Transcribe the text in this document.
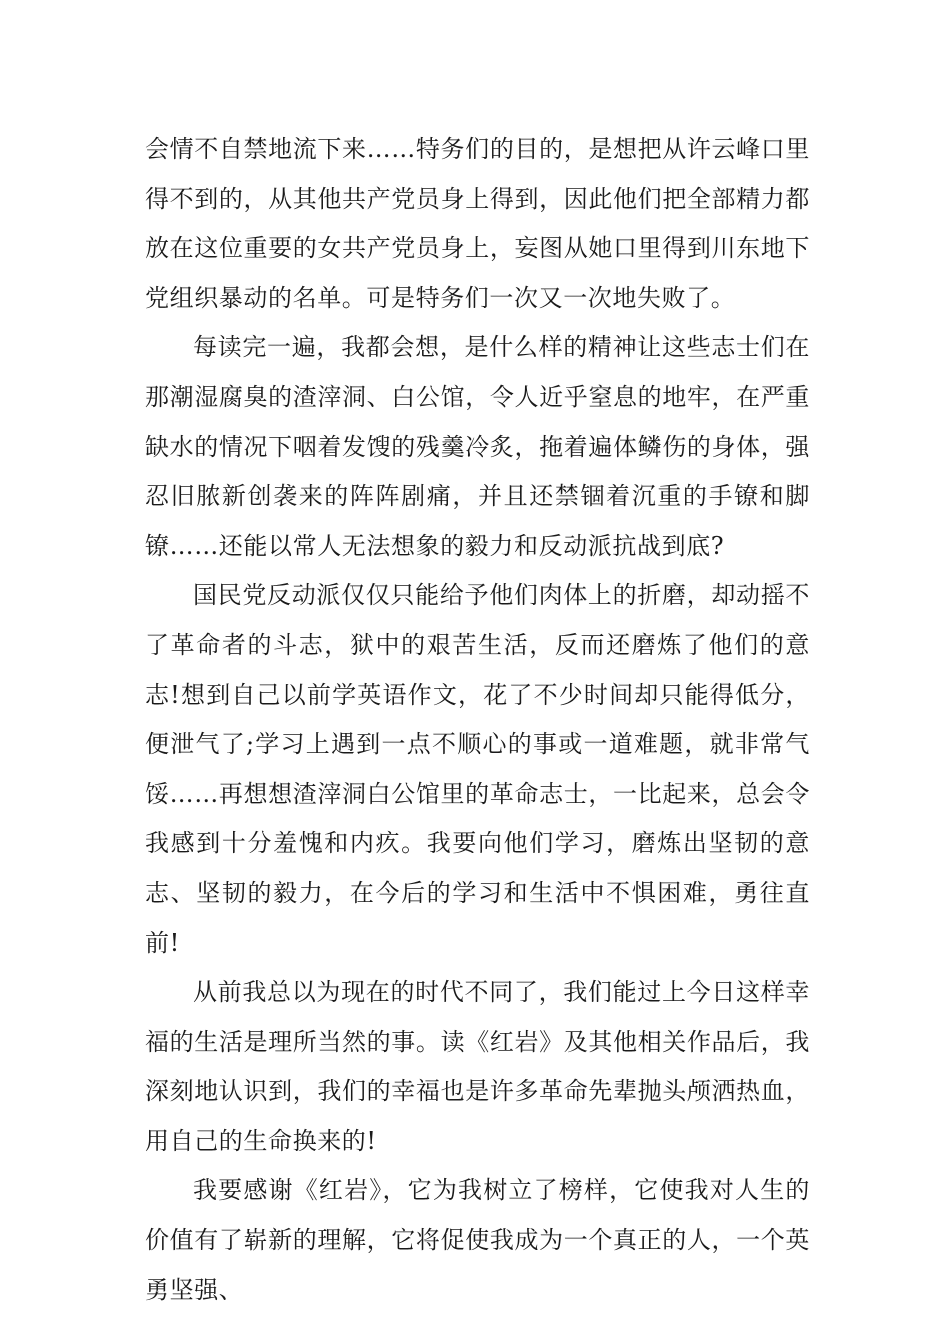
会情不自禁地流下来……特务们的目的，是想把从许云峰口里得不到的，从其他共产党员身上得到，因此他们把全部精力都放在这位重要的女共产党员身上，妄图从她口里得到川东地下党组织暴动的名单。可是特务们一次又一次地失败了。

每读完一遍，我都会想，是什么样的精神让这些志士们在那潮湿腐臭的渣滓洞、白公馆，令人近乎窒息的地牢，在严重缺水的情况下咽着发馊的残羹冷炙，拖着遍体鳞伤的身体，强忍旧脓新创袭来的阵阵剧痛，并且还禁锢着沉重的手镣和脚镣……还能以常人无法想象的毅力和反动派抗战到底?

国民党反动派仅仅只能给予他们肉体上的折磨，却动摇不了革命者的斗志，狱中的艰苦生活，反而还磨炼了他们的意志!想到自己以前学英语作文，花了不少时间却只能得低分，便泄气了;学习上遇到一点不顺心的事或一道难题，就非常气馁……再想想渣滓洞白公馆里的革命志士，一比起来，总会令我感到十分羞愧和内疚。我要向他们学习，磨炼出坚韧的意志、坚韧的毅力，在今后的学习和生活中不惧困难，勇往直前!

从前我总以为现在的时代不同了，我们能过上今日这样幸福的生活是理所当然的事。读《红岩》及其他相关作品后，我深刻地认识到，我们的幸福也是许多革命先辈抛头颅洒热血，用自己的生命换来的!

我要感谢《红岩》，它为我树立了榜样，它使我对人生的价值有了崭新的理解，它将促使我成为一个真正的人，一个英勇坚强、
